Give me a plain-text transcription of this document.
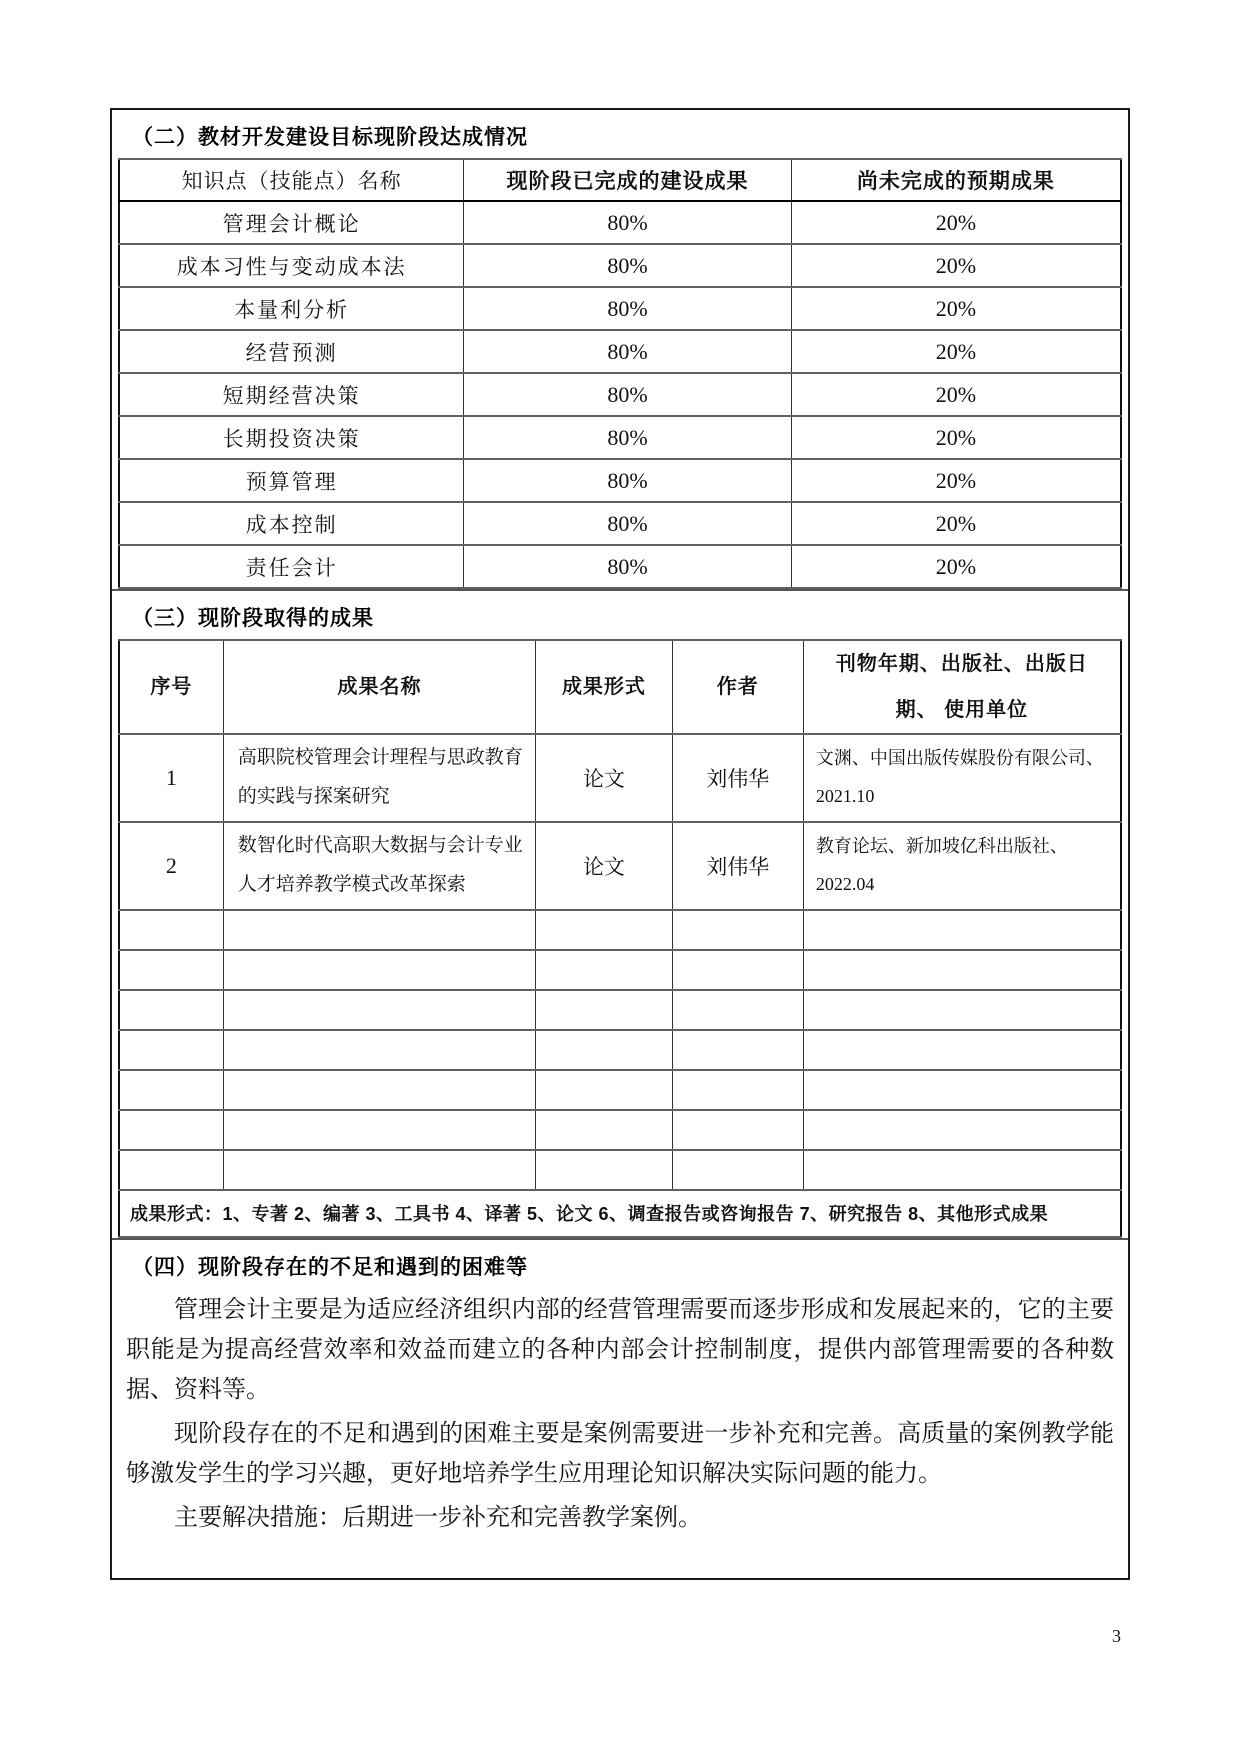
（二）教材开发建设目标现阶段达成情况
知识点（技能点）名称	现阶段已完成的建设成果	尚未完成的预期成果
管理会计概论	80%	20%
成本习性与变动成本法	80%	20%
本量利分析	80%	20%
经营预测	80%	20%
短期经营决策	80%	20%
长期投资决策	80%	20%
预算管理	80%	20%
成本控制	80%	20%
责任会计	80%	20%
（三）现阶段取得的成果
序号	成果名称	成果形式	作者	刊物年期、出版社、出版日期、 使用单位
1	高职院校管理会计理程与思政教育的实践与探案研究	论文	刘伟华	文渊、中国出版传媒股份有限公司、2021.10
2	数智化时代高职大数据与会计专业人才培养教学模式改革探索	论文	刘伟华	教育论坛、新加坡亿科出版社、2022.04

成果形式：1、专著 2、编著 3、工具书 4、译著 5、论文 6、调查报告或咨询报告 7、研究报告 8、其他形式成果				
（四）现阶段存在的不足和遇到的困难等

管理会计主要是为适应经济组织内部的经营管理需要而逐步形成和发展起来的，它的主要职能是为提高经营效率和效益而建立的各种内部会计控制制度，提供内部管理需要的各种数据、资料等。

现阶段存在的不足和遇到的困难主要是案例需要进一步补充和完善。高质量的案例教学能够激发学生的学习兴趣，更好地培养学生应用理论知识解决实际问题的能力。

主要解决措施：后期进一步补充和完善教学案例。

3
